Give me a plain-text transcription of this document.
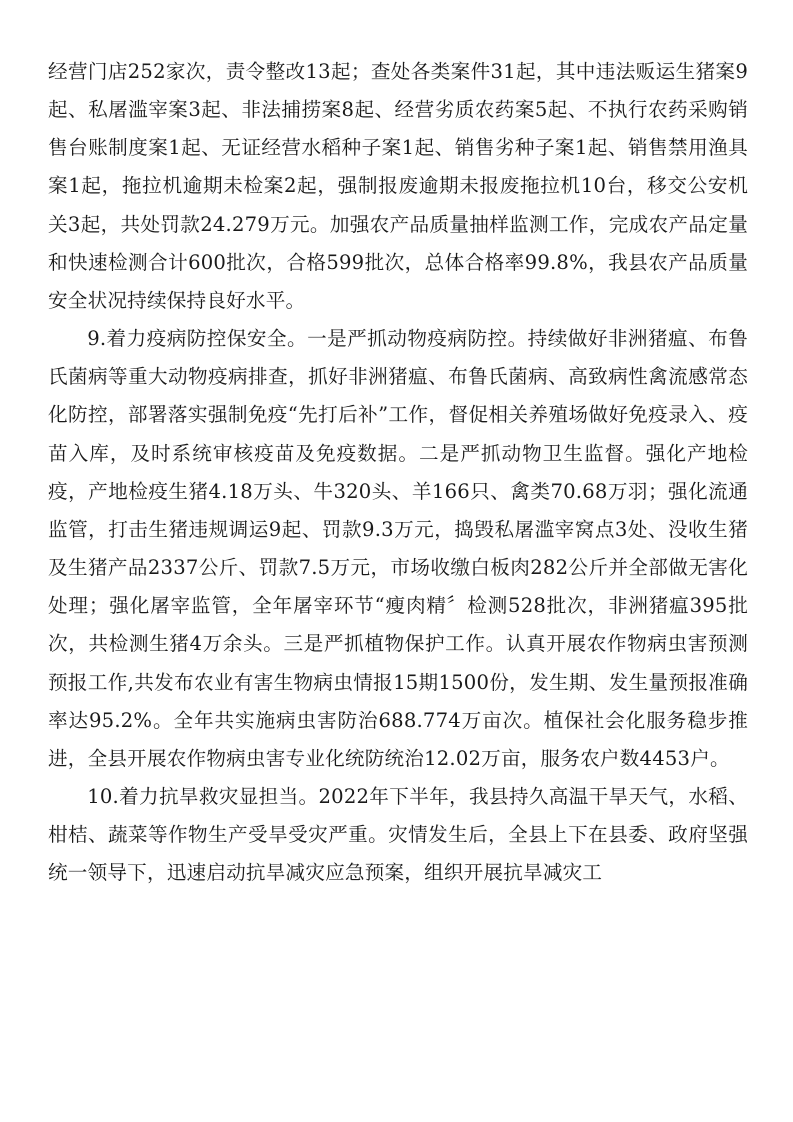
经营门店252家次，责令整改13起；查处各类案件31起，其中违法贩运生猪案9起、私屠滥宰案3起、非法捕捞案8起、经营劣质农药案5起、不执行农药采购销售台账制度案1起、无证经营水稻种子案1起、销售劣种子案1起、销售禁用渔具案1起，拖拉机逾期未检案2起，强制报废逾期未报废拖拉机10台，移交公安机关3起，共处罚款24.279万元。加强农产品质量抽样监测工作，完成农产品定量和快速检测合计600批次，合格599批次，总体合格率99.8%，我县农产品质量安全状况持续保持良好水平。

9.着力疫病防控保安全。一是严抓动物疫病防控。持续做好非洲猪瘟、布鲁氏菌病等重大动物疫病排查，抓好非洲猪瘟、布鲁氏菌病、高致病性禽流感常态化防控，部署落实强制免疫“先打后补”工作，督促相关养殖场做好免疫录入、疫苗入库，及时系统审核疫苗及免疫数据。二是严抓动物卫生监督。强化产地检疫，产地检疫生猪4.18万头、牛320头、羊166只、禽类70.68万羽；强化流通监管，打击生猪违规调运9起、罚款9.3万元，捣毁私屠滥宰窝点3处、没收生猪及生猪产品2337公斤、罚款7.5万元，市场收缴白板肉282公斤并全部做无害化处理；强化屠宰监管，全年屠宰环节“瘦肉精〞检测528批次，非洲猪瘟395批次，共检测生猪4万余头。三是严抓植物保护工作。认真开展农作物病虫害预测预报工作,共发布农业有害生物病虫情报15期1500份，发生期、发生量预报准确率达95.2%。全年共实施病虫害防治688.774万亩次。植保社会化服务稳步推进，全县开展农作物病虫害专业化统防统治12.02万亩，服务农户数4453户。

10.着力抗旱救灾显担当。2022年下半年，我县持久高温干旱天气，水稻、柑桔、蔬菜等作物生产受旱受灾严重。灾情发生后，全县上下在县委、政府坚强统一领导下，迅速启动抗旱减灾应急预案，组织开展抗旱减灾工
